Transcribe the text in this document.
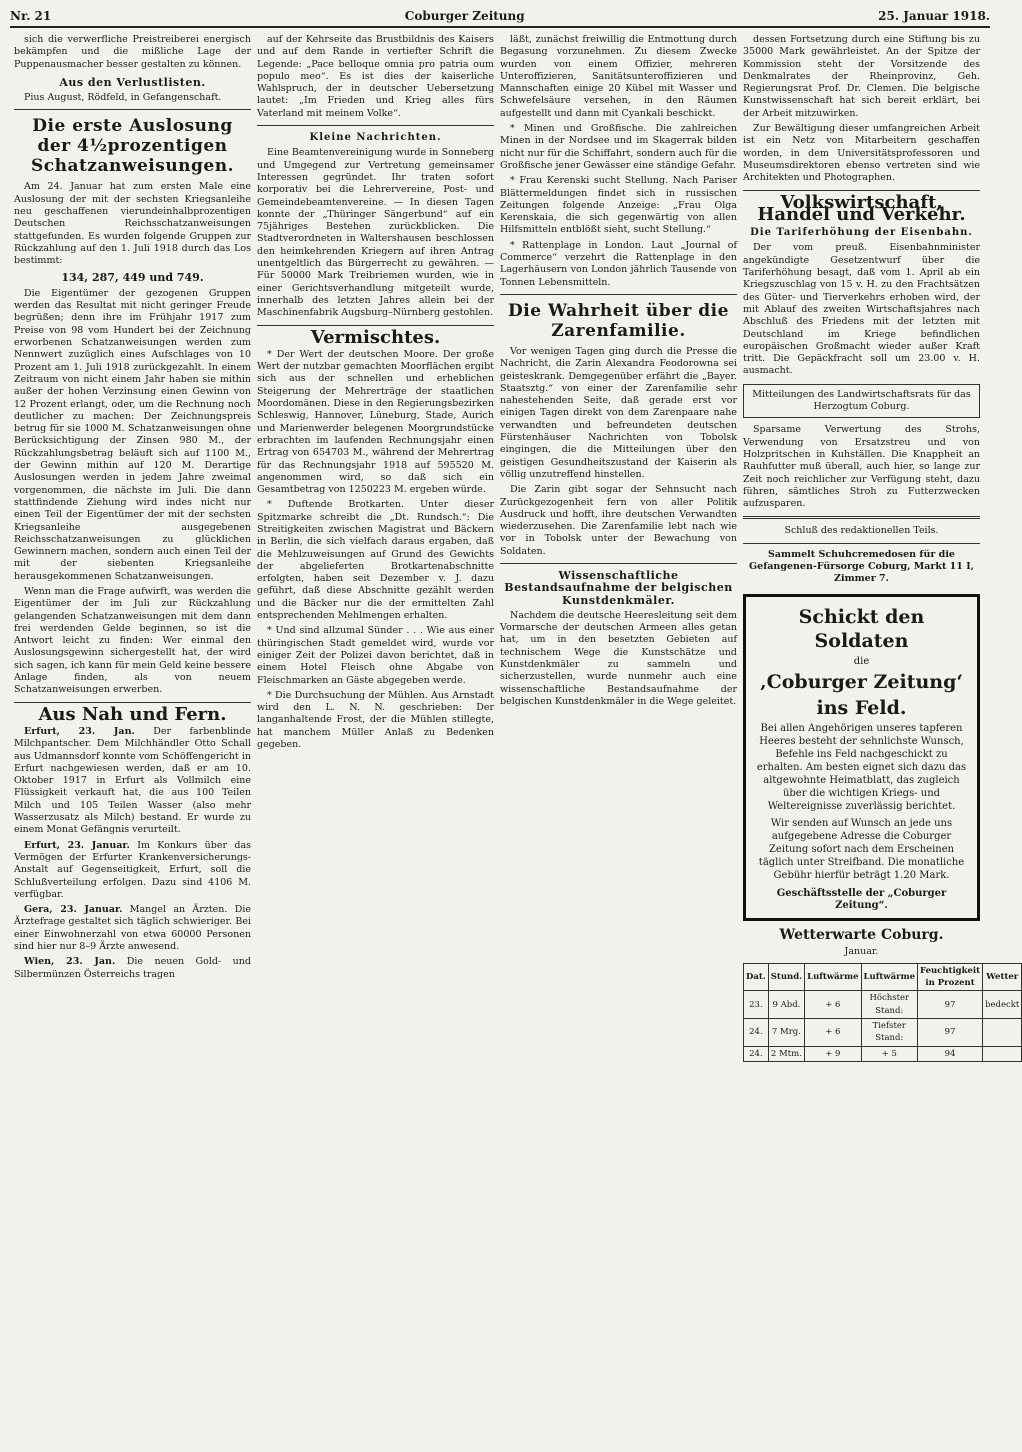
Nr. 21	Coburger Zeitung	25. Januar 1918.

sich die verwerfliche Preistreiberei energisch bekämpfen und die mißliche Lage der Puppenausmacher besser gestalten zu können.

Aus den Verlustlisten.

Pius August, Rödfeld, in Gefangenschaft.

Die erste Auslosung der 4½prozentigen Schatzanweisungen.

Am 24. Januar hat zum ersten Male eine Auslosung der mit der sechsten Kriegsanleihe neu geschaffenen vierundeinhalbprozentigen Deutschen Reichsschatzanweisungen stattgefunden. Es wurden folgende Gruppen zur Rückzahlung auf den 1. Juli 1918 durch das Los bestimmt:

134, 287, 449 und 749.

Die Eigentümer der gezogenen Gruppen werden das Resultat mit nicht geringer Freude begrüßen; denn ihre im Frühjahr 1917 zum Preise von 98 vom Hundert bei der Zeichnung erworbenen Schatzanweisungen werden zum Nennwert zuzüglich eines Aufschlages von 10 Prozent am 1. Juli 1918 zurückgezahlt. In einem Zeitraum von nicht einem Jahr haben sie mithin außer der hohen Verzinsung einen Gewinn von 12 Prozent erlangt, oder, um die Rechnung noch deutlicher zu machen: Der Zeichnungspreis betrug für sie 1000 M. Schatzanweisungen ohne Berücksichtigung der Zinsen 980 M., der Rückzahlungsbetrag beläuft sich auf 1100 M., der Gewinn mithin auf 120 M. Derartige Auslosungen werden in jedem Jahre zweimal vorgenommen, die nächste im Juli. Die dann stattfindende Ziehung wird indes nicht nur einen Teil der Eigentümer der mit der sechsten Kriegsanleihe ausgegebenen Reichsschatzanweisungen zu glücklichen Gewinnern machen, sondern auch einen Teil der mit der siebenten Kriegsanleihe herausgekommenen Schatzanweisungen.

Wenn man die Frage aufwirft, was werden die Eigentümer der im Juli zur Rückzahlung gelangenden Schatzanweisungen mit dem dann frei werdenden Gelde beginnen, so ist die Antwort leicht zu finden: Wer einmal den Auslosungsgewinn sichergestellt hat, der wird sich sagen, ich kann für mein Geld keine bessere Anlage finden, als von neuem Schatzanweisungen erwerben.

Aus Nah und Fern.

Erfurt, 23. Jan. Der farbenblinde Milchpantscher. Dem Milchhändler Otto Schall aus Udmannsdorf konnte vom Schöffengericht in Erfurt nachgewiesen werden, daß er am 10. Oktober 1917 in Erfurt als Vollmilch eine Flüssigkeit verkauft hat, die aus 100 Teilen Milch und 105 Teilen Wasser (also mehr Wasserzusatz als Milch) bestand. Er wurde zu einem Monat Gefängnis verurteilt.

Erfurt, 23. Januar. Im Konkurs über das Vermögen der Erfurter Krankenversicherungs-Anstalt auf Gegenseitigkeit, Erfurt, soll die Schlußverteilung erfolgen. Dazu sind 4106 M. verfügbar.

Gera, 23. Januar. Mangel an Ärzten. Die Ärztefrage gestaltet sich täglich schwieriger. Bei einer Einwohnerzahl von etwa 60000 Personen sind hier nur 8–9 Ärzte anwesend.

Wien, 23. Jan. Die neuen Gold- und Silbermünzen Österreichs tragen

auf der Kehrseite das Brustbildnis des Kaisers und auf dem Rande in vertiefter Schrift die Legende: „Pace belloque omnia pro patria oum populo meo“. Es ist dies der kaiserliche Wahlspruch, der in deutscher Uebersetzung lautet: „Im Frieden und Krieg alles fürs Vaterland mit meinem Volke“.

Kleine Nachrichten.

Eine Beamtenvereinigung wurde in Sonneberg und Umgegend zur Vertretung gemeinsamer Interessen gegründet. Ihr traten sofort korporativ bei die Lehrervereine, Post- und Gemeindebeamtenvereine. — In diesen Tagen konnte der „Thüringer Sängerbund“ auf ein 75jähriges Bestehen zurückblicken. Die Stadtverordneten in Waltershausen beschlossen den heimkehrenden Kriegern auf ihren Antrag unentgeltlich das Bürgerrecht zu gewähren. — Für 50000 Mark Treibriemen wurden, wie in einer Gerichtsverhandlung mitgeteilt wurde, innerhalb des letzten Jahres allein bei der Maschinenfabrik Augsburg–Nürnberg gestohlen.

Vermischtes.

* Der Wert der deutschen Moore. Der große Wert der nutzbar gemachten Moorflächen ergibt sich aus der schnellen und erheblichen Steigerung der Mehrerträge der staatlichen Moordomänen. Diese in den Regierungsbezirken Schleswig, Hannover, Lüneburg, Stade, Aurich und Marienwerder belegenen Moorgrundstücke erbrachten im laufenden Rechnungsjahr einen Ertrag von 654703 M., während der Mehrertrag für das Rechnungsjahr 1918 auf 595520 M. angenommen wird, so daß sich ein Gesamtbetrag von 1250223 M. ergeben würde.

* Duftende Brotkarten. Unter dieser Spitzmarke schreibt die „Dt. Rundsch.“: Die Streitigkeiten zwischen Magistrat und Bäckern in Berlin, die sich vielfach daraus ergaben, daß die Mehlzuweisungen auf Grund des Gewichts der abgelieferten Brotkartenabschnitte erfolgten, haben seit Dezember v. J. dazu geführt, daß diese Abschnitte gezählt werden und die Bäcker nur die der ermittelten Zahl entsprechenden Mehlmengen erhalten.

* Und sind allzumal Sünder . . . Wie aus einer thüringischen Stadt gemeldet wird, wurde vor einiger Zeit der Polizei davon berichtet, daß in einem Hotel Fleisch ohne Abgabe von Fleischmarken an Gäste abgegeben werde.

* Die Durchsuchung der Mühlen. Aus Arnstadt wird den L. N. N. geschrieben: Der langanhaltende Frost, der die Mühlen stillegte, hat manchem Müller Anlaß zu Bedenken gegeben.

läßt, zunächst freiwillig die Entmottung durch Begasung vorzunehmen. Zu diesem Zwecke wurden von einem Offizier, mehreren Unteroffizieren, Sanitätsunteroffizieren und Mannschaften einige 20 Kübel mit Wasser und Schwefelsäure versehen, in den Räumen aufgestellt und dann mit Cyankali beschickt.

* Minen und Großfische. Die zahlreichen Minen in der Nordsee und im Skagerrak bilden nicht nur für die Schiffahrt, sondern auch für die Großfische jener Gewässer eine ständige Gefahr.

* Frau Kerenski sucht Stellung. Nach Pariser Blättermeldungen findet sich in russischen Zeitungen folgende Anzeige: „Frau Olga Kerenskaia, die sich gegenwärtig von allen Hilfsmitteln entblößt sieht, sucht Stellung.“

* Rattenplage in London. Laut „Journal of Commerce“ verzehrt die Rattenplage in den Lagerhäusern von London jährlich Tausende von Tonnen Lebensmitteln.

Die Wahrheit über die Zarenfamilie.

Vor wenigen Tagen ging durch die Presse die Nachricht, die Zarin Alexandra Feodorowna sei geisteskrank. Demgegenüber erfährt die „Bayer. Staatsztg.“ von einer der Zarenfamilie sehr nahestehenden Seite, daß gerade erst vor einigen Tagen direkt von dem Zarenpaare nahe verwandten und befreundeten deutschen Fürstenhäuser Nachrichten von Tobolsk eingingen, die die Mitteilungen über den geistigen Gesundheitszustand der Kaiserin als völlig unzutreffend hinstellen.

Die Zarin gibt sogar der Sehnsucht nach Zurückgezogenheit fern von aller Politik Ausdruck und hofft, ihre deutschen Verwandten wiederzusehen. Die Zarenfamilie lebt nach wie vor in Tobolsk unter der Bewachung von Soldaten.

Wissenschaftliche Bestandsaufnahme der belgischen Kunstdenkmäler.

Nachdem die deutsche Heeresleitung seit dem Vormarsche der deutschen Armeen alles getan hat, um in den besetzten Gebieten auf technischem Wege die Kunstschätze und Kunstdenkmäler zu sammeln und sicherzustellen, wurde nunmehr auch eine wissenschaftliche Bestandsaufnahme der belgischen Kunstdenkmäler in die Wege geleitet.

dessen Fortsetzung durch eine Stiftung bis zu 35000 Mark gewährleistet. An der Spitze der Kommission steht der Vorsitzende des Denkmalrates der Rheinprovinz, Geh. Regierungsrat Prof. Dr. Clemen. Die belgische Kunstwissenschaft hat sich bereit erklärt, bei der Arbeit mitzuwirken.

Zur Bewältigung dieser umfangreichen Arbeit ist ein Netz von Mitarbeitern geschaffen worden, in dem Universitätsprofessoren und Museumsdirektoren ebenso vertreten sind wie Architekten und Photographen.

Volkswirtschaft, Handel und Verkehr.
Die Tariferhöhung der Eisenbahn.

Der vom preuß. Eisenbahnminister angekündigte Gesetzentwurf über die Tariferhöhung besagt, daß vom 1. April ab ein Kriegszuschlag von 15 v. H. zu den Frachtsätzen des Güter- und Tierverkehrs erhoben wird, der mit Ablauf des zweiten Wirtschaftsjahres nach Abschluß des Friedens mit der letzten mit Deutschland im Kriege befindlichen europäischen Großmacht wieder außer Kraft tritt. Die Gepäckfracht soll um 23.00 v. H. ausmacht.

Mitteilungen des Landwirtschaftsrats für das Herzogtum Coburg.

Sparsame Verwertung des Strohs, Verwendung von Ersatzstreu und von Holzpritschen in Kuhställen. Die Knappheit an Rauhfutter muß überall, auch hier, so lange zur Zeit noch reichlicher zur Verfügung steht, dazu führen, sämtliches Stroh zu Futterzwecken aufzusparen.

Schluß des redaktionellen Teils.
Sammelt Schuhcremedosen für die Gefangenen-Fürsorge Coburg, Markt 11 I, Zimmer 7.
Schickt den Soldaten
die
‚Coburger Zeitung‘
ins Feld.
Bei allen Angehörigen unseres tapferen Heeres besteht der sehnlichste Wunsch, Befehle ins Feld nachgeschickt zu erhalten. Am besten eignet sich dazu das altgewohnte Heimatblatt, das zugleich über die wichtigen Kriegs- und Weltereignisse zuverlässig berichtet.
Wir senden auf Wunsch an jede uns aufgegebene Adresse die Coburger Zeitung sofort nach dem Erscheinen täglich unter Streifband. Die monatliche Gebühr hierfür beträgt 1.20 Mark.
Geschäftsstelle der „Coburger Zeitung“.
Wetterwarte Coburg.
Januar.
Dat.	Stund.	Luftwärme	Luftwärme	Feuchtigkeit in Prozent	Wetter
23.	9 Abd.	+ 6	Höchster Stand:	97	bedeckt
24.	7 Mrg.	+ 6	Tiefster Stand:	97	
24.	2 Mtm.	+ 9	+ 5	94	
